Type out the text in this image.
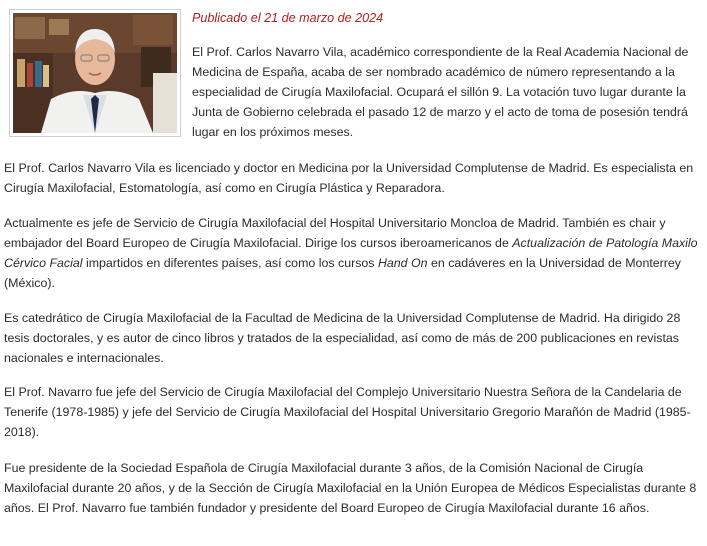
Publicado el 21 de marzo de 2024

El Prof. Carlos Navarro Vila, académico correspondiente de la Real Academia Nacional de Medicina de España, acaba de ser nombrado académico de número representando a la especialidad de Cirugía Maxilofacial. Ocupará el sillón 9. La votación tuvo lugar durante la Junta de Gobierno celebrada el pasado 12 de marzo y el acto de toma de posesión tendrá lugar en los próximos meses.

El Prof. Carlos Navarro Vila es licenciado y doctor en Medicina por la Universidad Complutense de Madrid. Es especialista en Cirugía Maxilofacial, Estomatología, así como en Cirugía Plástica y Reparadora.

Actualmente es jefe de Servicio de Cirugía Maxilofacial del Hospital Universitario Moncloa de Madrid. También es chair y embajador del Board Europeo de Cirugía Maxilofacial. Dirige los cursos iberoamericanos de Actualización de Patología Maxilo Cérvico Facial impartidos en diferentes países, así como los cursos Hand On en cadáveres en la Universidad de Monterrey (México).

Es catedrático de Cirugía Maxilofacial de la Facultad de Medicina de la Universidad Complutense de Madrid. Ha dirigido 28 tesis doctorales, y es autor de cinco libros y tratados de la especialidad, así como de más de 200 publicaciones en revistas nacionales e internacionales.

El Prof. Navarro fue jefe del Servicio de Cirugía Maxilofacial del Complejo Universitario Nuestra Señora de la Candelaria de Tenerife (1978-1985) y jefe del Servicio de Cirugía Maxilofacial del Hospital Universitario Gregorio Marañón de Madrid (1985-2018).

Fue presidente de la Sociedad Española de Cirugía Maxilofacial durante 3 años, de la Comisión Nacional de Cirugía Maxilofacial durante 20 años, y de la Sección de Cirugía Maxilofacial en la Unión Europea de Médicos Especialistas durante 8 años. El Prof. Navarro fue también fundador y presidente del Board Europeo de Cirugía Maxilofacial durante 16 años.
